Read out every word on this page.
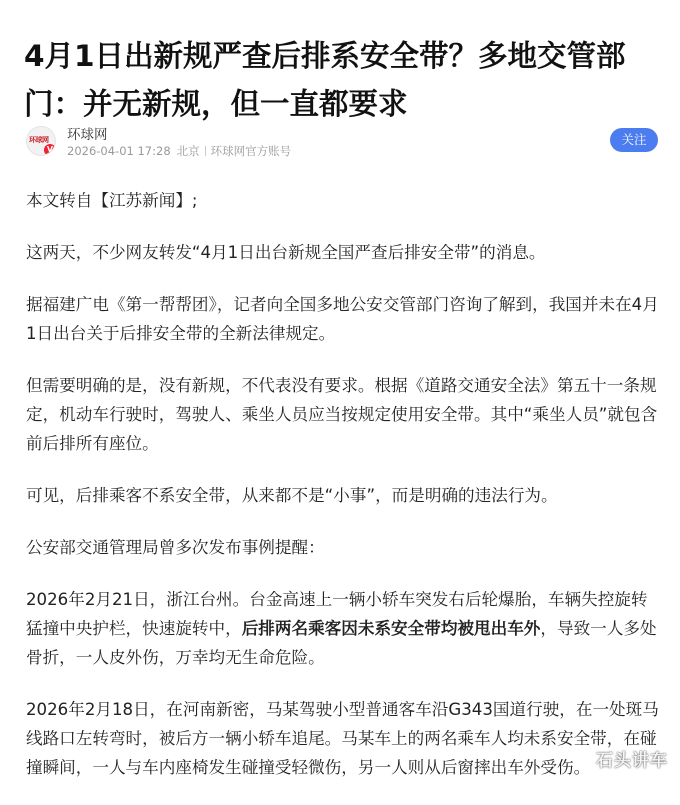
4月1日出新规严查后排系安全带？多地交管部门：并无新规，但一直都要求
环球网
V
环球网
2026-04-01 17:28 北京 环球网官方账号
关注

本文转自【江苏新闻】;

这两天，不少网友转发“4月1日出台新规全国严查后排安全带”的消息。

据福建广电《第一帮帮团》，记者向全国多地公安交管部门咨询了解到，我国并未在4月1日出台关于后排安全带的全新法律规定。

但需要明确的是，没有新规，不代表没有要求。根据《道路交通安全法》第五十一条规定，机动车行驶时，驾驶人、乘坐人员应当按规定使用安全带。其中“乘坐人员”就包含前后排所有座位。

可见，后排乘客不系安全带，从来都不是“小事”，而是明确的违法行为。

公安部交通管理局曾多次发布事例提醒：

2026年2月21日，浙江台州。台金高速上一辆小轿车突发右后轮爆胎，车辆失控旋转猛撞中央护栏，快速旋转中，后排两名乘客因未系安全带均被甩出车外，导致一人多处骨折，一人皮外伤，万幸均无生命危险。

2026年2月18日，在河南新密，马某驾驶小型普通客车沿G343国道行驶，在一处斑马线路口左转弯时，被后方一辆小轿车追尾。马某车上的两名乘车人均未系安全带，在碰撞瞬间，一人与车内座椅发生碰撞受轻微伤，另一人则从后窗摔出车外受伤。 石头讲车
